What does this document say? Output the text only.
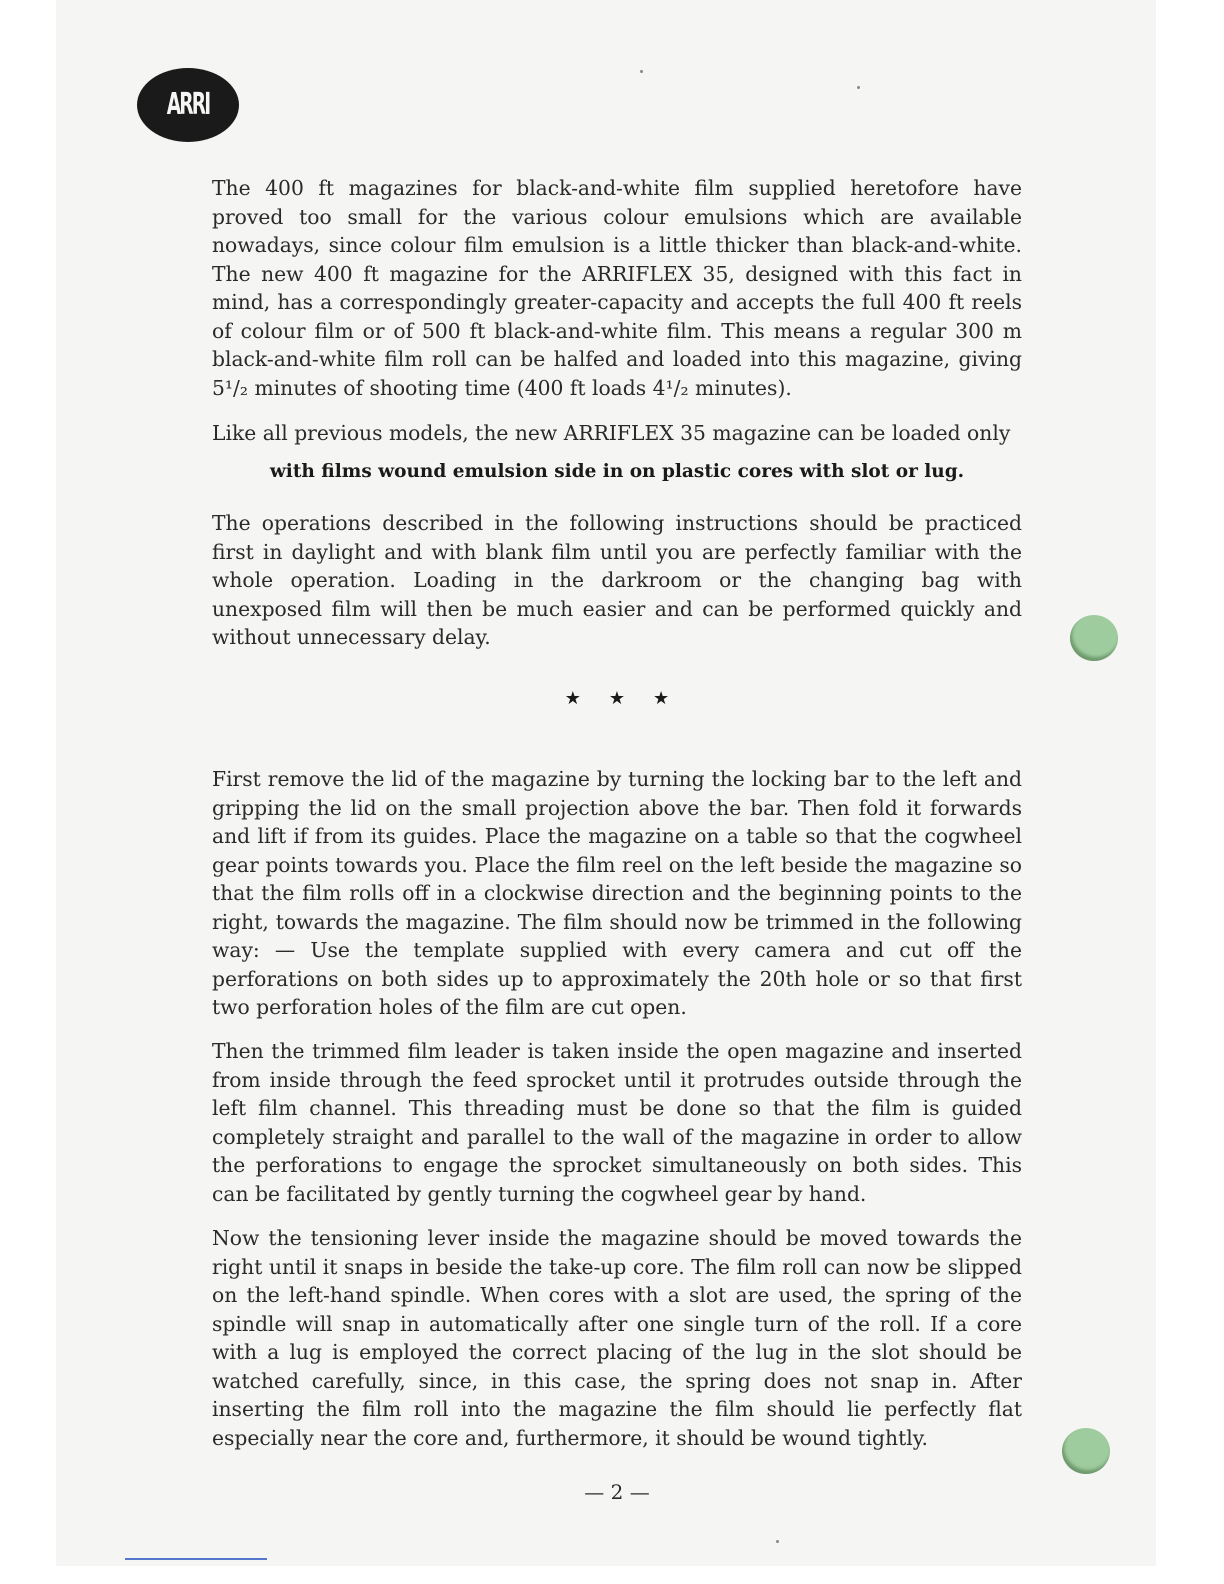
ARRI

The 400 ft magazines for black-and-white film supplied heretofore have proved too small for the various colour emulsions which are available nowadays, since colour film emulsion is a little thicker than black-and-white. The new 400 ft magazine for the ARRIFLEX 35, designed with this fact in mind, has a correspondingly greater-capacity and accepts the full 400 ft reels of colour film or of 500 ft black-and-white film. This means a regular 300 m black-and-white film roll can be halfed and loaded into this magazine, giving 5¹/₂ minutes of shooting time (400 ft loads 4¹/₂ minutes).

Like all previous models, the new ARRIFLEX 35 magazine can be loaded only

with films wound emulsion side in on plastic cores with slot or lug.

The operations described in the following instructions should be practiced first in daylight and with blank film until you are perfectly familiar with the whole operation. Loading in the darkroom or the changing bag with unexposed film will then be much easier and can be performed quickly and without unnecessary delay.

★★★

First remove the lid of the magazine by turning the locking bar to the left and gripping the lid on the small projection above the bar. Then fold it forwards and lift if from its guides. Place the magazine on a table so that the cogwheel gear points towards you. Place the film reel on the left beside the magazine so that the film rolls off in a clockwise direction and the beginning points to the right, towards the magazine. The film should now be trimmed in the following way: — Use the template supplied with every camera and cut off the perforations on both sides up to approximately the 20th hole or so that first two perforation holes of the film are cut open.

Then the trimmed film leader is taken inside the open magazine and inserted from inside through the feed sprocket until it protrudes outside through the left film channel. This threading must be done so that the film is guided completely straight and parallel to the wall of the magazine in order to allow the perforations to engage the sprocket simultaneously on both sides. This can be facilitated by gently turning the cogwheel gear by hand.

Now the tensioning lever inside the magazine should be moved towards the right until it snaps in beside the take-up core. The film roll can now be slipped on the left-hand spindle. When cores with a slot are used, the spring of the spindle will snap in automatically after one single turn of the roll. If a core with a lug is employed the correct placing of the lug in the slot should be watched carefully, since, in this case, the spring does not snap in. After inserting the film roll into the magazine the film should lie perfectly flat especially near the core and, furthermore, it should be wound tightly.

— 2 —
